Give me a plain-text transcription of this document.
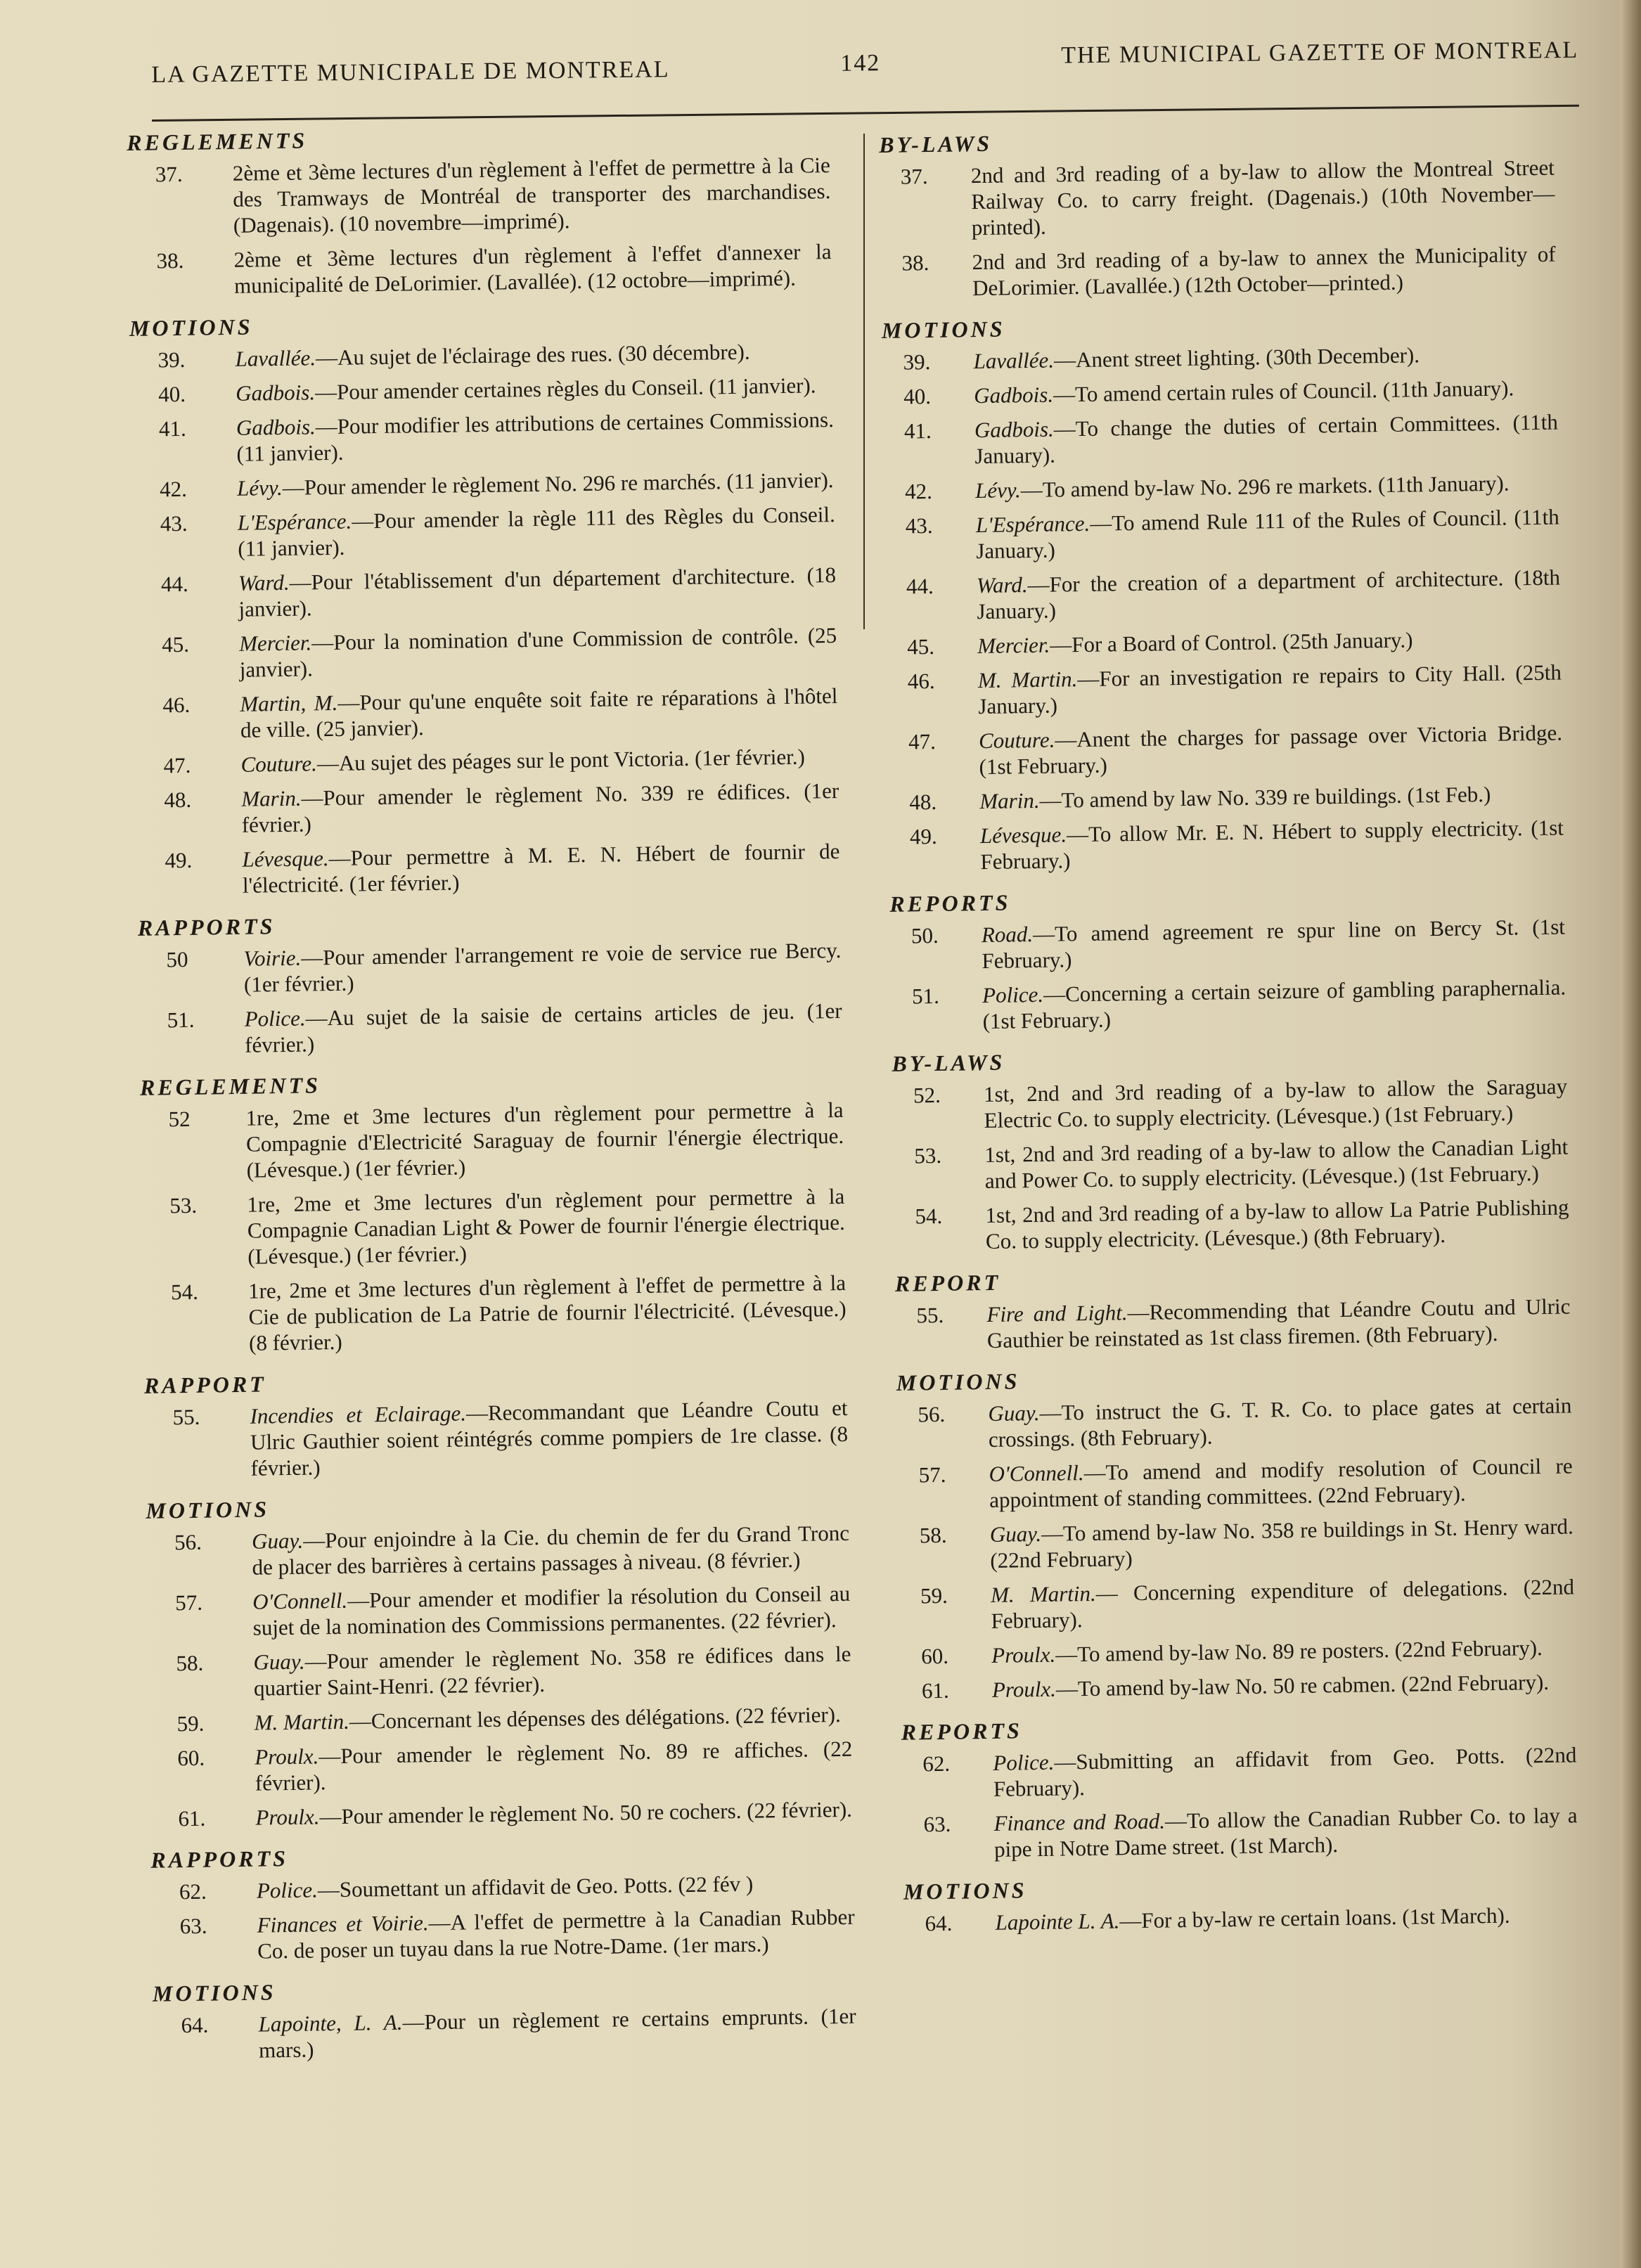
LA GAZETTE MUNICIPALE DE MONTREAL	142	THE MUNICIPAL GAZETTE OF MONTREAL
REGLEMENTS
37. 2ème et 3ème lectures d'un règlement à l'effet de permettre à la Cie des Tramways de Montréal de transporter des marchandises. (Dagenais). (10 novembre—imprimé).
38. 2ème et 3ème lectures d'un règlement à l'effet d'annexer la municipalité de DeLorimier. (Lavallée). (12 octobre—imprimé).
MOTIONS
39. Lavallée.—Au sujet de l'éclairage des rues. (30 décembre).
40. Gadbois.—Pour amender certaines règles du Conseil. (11 janvier).
41. Gadbois.—Pour modifier les attributions de certaines Commissions. (11 janvier).
42. Lévy.—Pour amender le règlement No. 296 re marchés. (11 janvier).
43. L'Espérance.—Pour amender la règle 111 des Règles du Conseil. (11 janvier).
44. Ward.—Pour l'établissement d'un département d'architecture. (18 janvier).
45. Mercier.—Pour la nomination d'une Commission de contrôle. (25 janvier).
46. Martin, M.—Pour qu'une enquête soit faite re réparations à l'hôtel de ville. (25 janvier).
47. Couture.—Au sujet des péages sur le pont Victoria. (1er février.)
48. Marin.—Pour amender le règlement No. 339 re édifices. (1er février.)
49. Lévesque.—Pour permettre à M. E. N. Hébert de fournir de l'électricité. (1er février.)
RAPPORTS
50	Voirie.—Pour amender l'arrangement re voie de service rue Bercy. (1er février.)
51. Police.—Au sujet de la saisie de certains articles de jeu. (1er février.)
REGLEMENTS
52	1re, 2me et 3me lectures d'un règlement pour permettre à la Compagnie d'Electricité Saraguay de fournir l'énergie électrique. (Lévesque.) (1er février.)
53. 1re, 2me et 3me lectures d'un règlement pour permettre à la Compagnie Canadian Light & Power de fournir l'énergie électrique. (Lévesque.) (1er février.)
54. 1re, 2me et 3me lectures d'un règlement à l'effet de permettre à la Cie de publication de La Patrie de fournir l'électricité. (Lévesque.) (8 février.)
RAPPORT
55. Incendies et Eclairage.—Recommandant que Léandre Coutu et Ulric Gauthier soient réintégrés comme pompiers de 1re classe. (8 février.)
MOTIONS
56. Guay.—Pour enjoindre à la Cie. du chemin de fer du Grand Tronc de placer des barrières à certains passages à niveau. (8 février.)
57. O'Connell.—Pour amender et modifier la résolution du Conseil au sujet de la nomination des Commissions permanentes. (22 février).
58. Guay.—Pour amender le règlement No. 358 re édifices dans le quartier Saint-Henri. (22 février).
59. M. Martin.—Concernant les dépenses des délégations. (22 février).
60. Proulx.—Pour amender le règlement No. 89 re affiches. (22 février).
61. Proulx.—Pour amender le règlement No. 50 re cochers. (22 février).
RAPPORTS
62. Police.—Soumettant un affidavit de Geo. Potts. (22 fév )
63. Finances et Voirie.—A l'effet de permettre à la Canadian Rubber Co. de poser un tuyau dans la rue Notre-Dame. (1er mars.)
MOTIONS
64. Lapointe, L. A.—Pour un règlement re certains emprunts. (1er mars.)
BY-LAWS
37. 2nd and 3rd reading of a by-law to allow the Montreal Street Railway Co. to carry freight. (Dagenais.) (10th November—printed).
38. 2nd and 3rd reading of a by-law to annex the Municipality of DeLorimier. (Lavallée.) (12th October—printed.)
MOTIONS
39. Lavallée.—Anent street lighting. (30th December).
40. Gadbois.—To amend certain rules of Council. (11th January).
41. Gadbois.—To change the duties of certain Committees. (11th January).
42. Lévy.—To amend by-law No. 296 re markets. (11th January).
43. L'Espérance.—To amend Rule 111 of the Rules of Council. (11th January.)
44. Ward.—For the creation of a department of architecture. (18th January.)
45. Mercier.—For a Board of Control. (25th January.)
46. M. Martin.—For an investigation re repairs to City Hall. (25th January.)
47. Couture.—Anent the charges for passage over Victoria Bridge. (1st February.)
48. Marin.—To amend by law No. 339 re buildings. (1st Feb.)
49. Lévesque.—To allow Mr. E. N. Hébert to supply electricity. (1st February.)
REPORTS
50. Road.—To amend agreement re spur line on Bercy St. (1st February.)
51. Police.—Concerning a certain seizure of gambling paraphernalia. (1st February.)
BY-LAWS
52. 1st, 2nd and 3rd reading of a by-law to allow the Saraguay Electric Co. to supply electricity. (Lévesque.) (1st February.)
53. 1st, 2nd and 3rd reading of a by-law to allow the Canadian Light and Power Co. to supply electricity. (Lévesque.) (1st February.)
54. 1st, 2nd and 3rd reading of a by-law to allow La Patrie Publishing Co. to supply electricity. (Lévesque.) (8th February).
REPORT
55. Fire and Light.—Recommending that Léandre Coutu and Ulric Gauthier be reinstated as 1st class firemen. (8th February).
MOTIONS
56. Guay.—To instruct the G. T. R. Co. to place gates at certain crossings. (8th February).
57. O'Connell.—To amend and modify resolution of Council re appointment of standing committees. (22nd February).
58. Guay.—To amend by-law No. 358 re buildings in St. Henry ward. (22nd February)
59. M. Martin.— Concerning expenditure of delegations. (22nd February).
60. Proulx.—To amend by-law No. 89 re posters. (22nd February).
61. Proulx.—To amend by-law No. 50 re cabmen. (22nd February).
REPORTS
62. Police.—Submitting an affidavit from Geo. Potts. (22nd February).
63. Finance and Road.—To allow the Canadian Rubber Co. to lay a pipe in Notre Dame street. (1st March).
MOTIONS
64. Lapointe L. A.—For a by-law re certain loans. (1st March).
